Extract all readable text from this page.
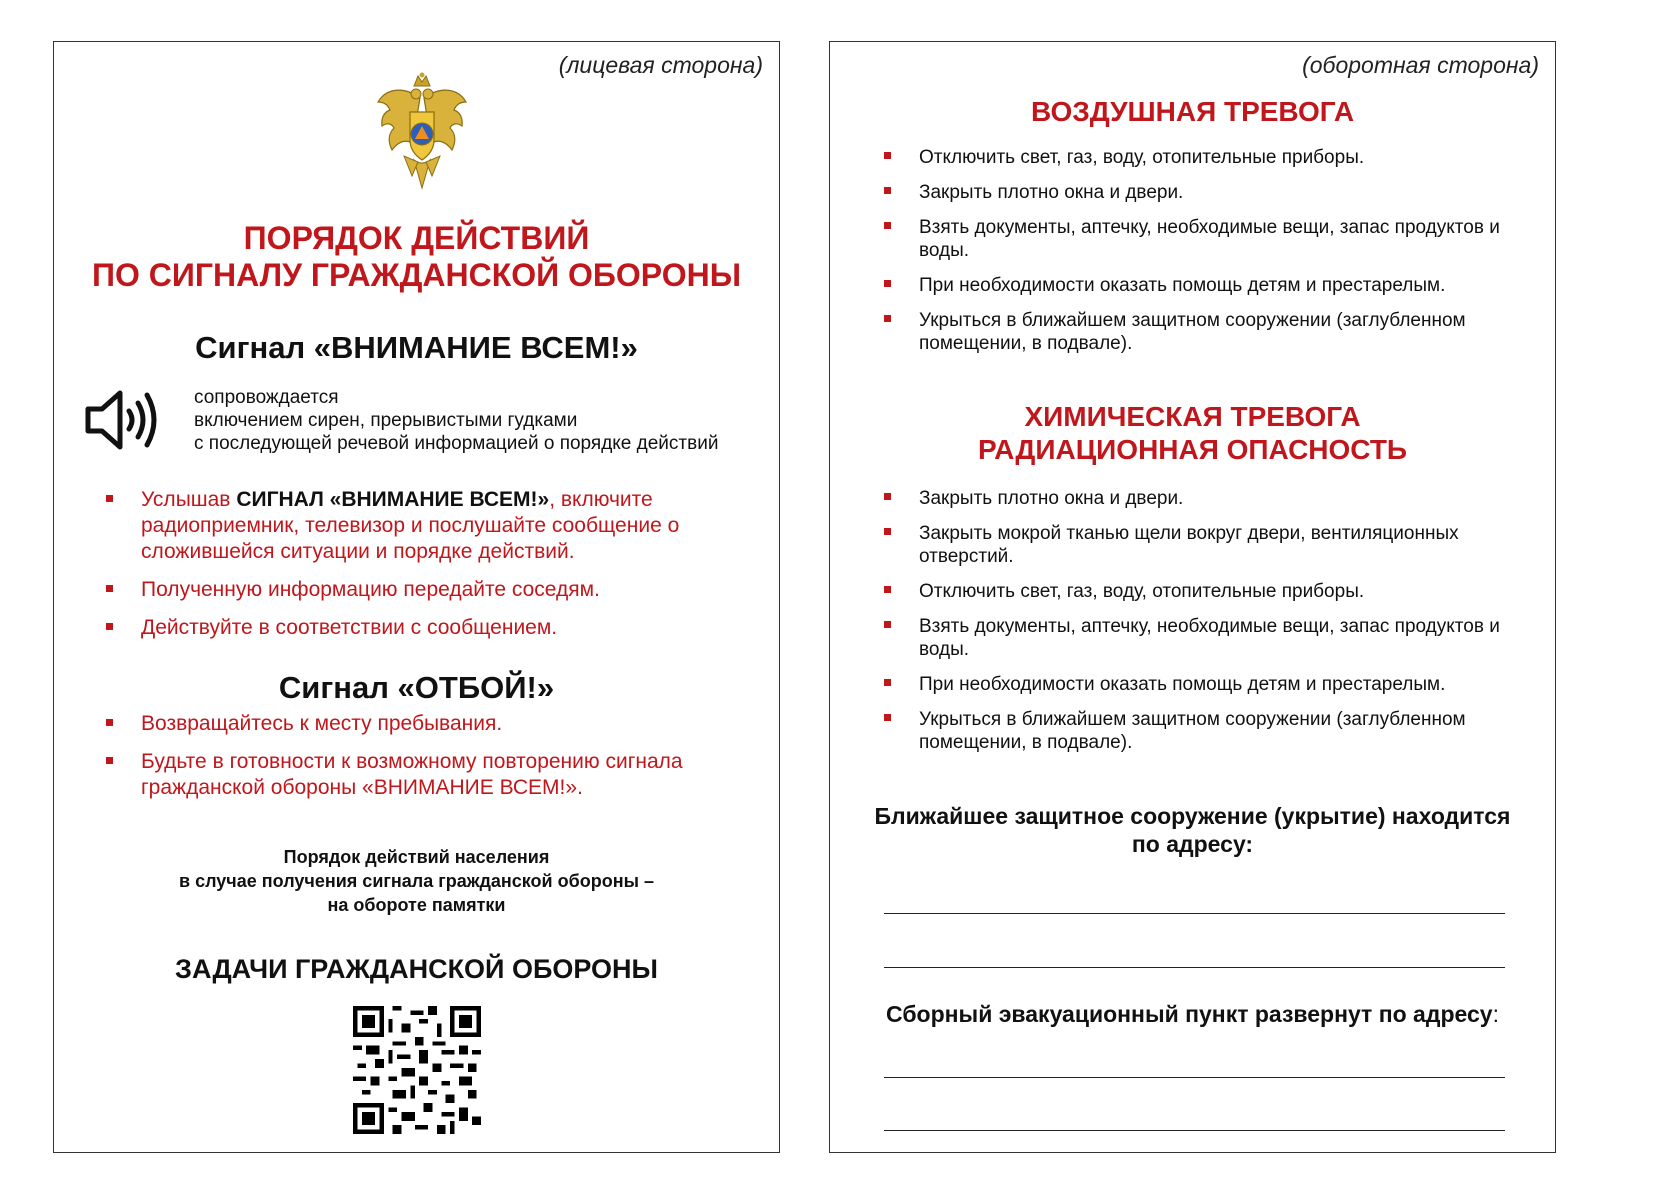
(лицевая сторона)
ПОРЯДОК ДЕЙСТВИЙ
ПО СИГНАЛУ ГРАЖДАНСКОЙ ОБОРОНЫ
Сигнал «ВНИМАНИЕ ВСЕМ!»
сопровождается
включением сирен, прерывистыми гудками
с последующей речевой информацией о порядке действий
Услышав СИГНАЛ «ВНИМАНИЕ ВСЕМ!», включите радиоприемник, телевизор и послушайте сообщение о сложившейся ситуации и порядке действий.
Полученную информацию передайте соседям.
Действуйте в соответствии с сообщением.
Сигнал «ОТБОЙ!»
Возвращайтесь к месту пребывания.
Будьте в готовности к возможному повторению сигнала гражданской обороны «ВНИМАНИЕ ВСЕМ!».
Порядок действий населения
в случае получения сигнала гражданской обороны –
на обороте памятки
ЗАДАЧИ ГРАЖДАНСКОЙ ОБОРОНЫ
(оборотная сторона)
ВОЗДУШНАЯ ТРЕВОГА
Отключить свет, газ, воду, отопительные приборы.
Закрыть плотно окна и двери.
Взять документы, аптечку, необходимые вещи, запас продуктов и воды.
При необходимости оказать помощь детям и престарелым.
Укрыться в ближайшем защитном сооружении (заглубленном помещении, в подвале).
ХИМИЧЕСКАЯ ТРЕВОГА
РАДИАЦИОННАЯ ОПАСНОСТЬ
Закрыть плотно окна и двери.
Закрыть мокрой тканью щели вокруг двери, вентиляционных отверстий.
Отключить свет, газ, воду, отопительные приборы.
Взять документы, аптечку, необходимые вещи, запас продуктов и воды.
При необходимости оказать помощь детям и престарелым.
Укрыться в ближайшем защитном сооружении (заглубленном помещении, в подвале).
Ближайшее защитное сооружение (укрытие) находится
по адресу:
Сборный эвакуационный пункт развернут по адресу:
